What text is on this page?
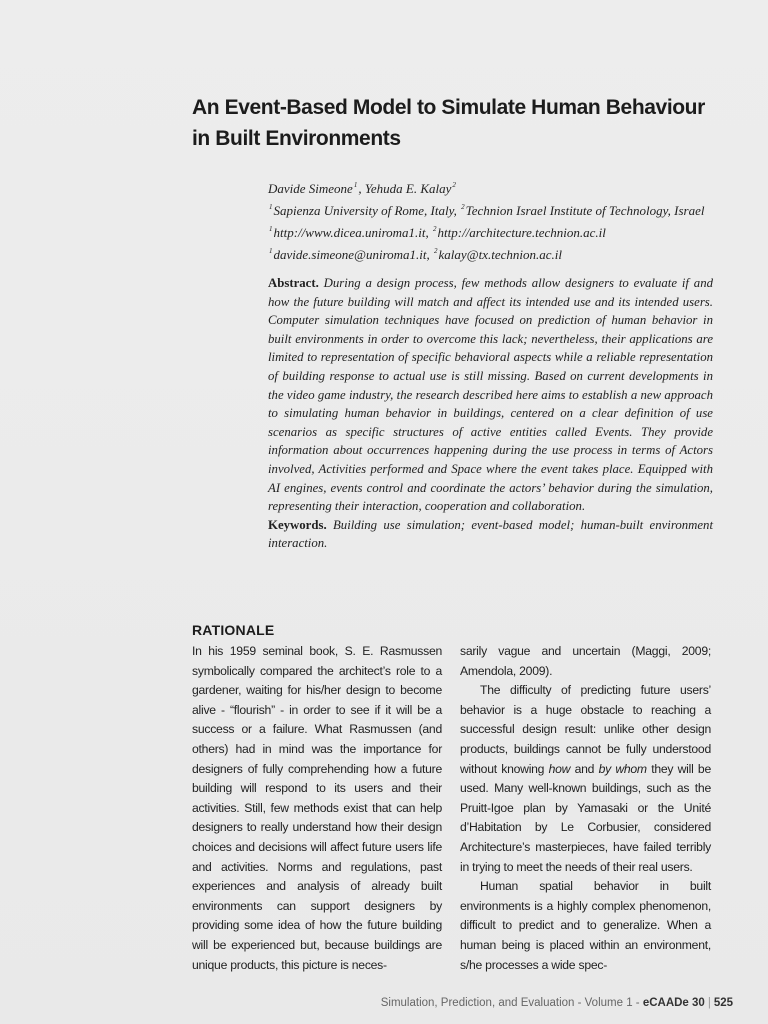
An Event-Based Model to Simulate Human Behaviour in Built Environments
Davide Simeone$^1$, Yehuda E. Kalay$^2$
$^1$Sapienza University of Rome, Italy, $^2$Technion Israel Institute of Technology, Israel
$^1$http://www.dicea.uniroma1.it, $^2$http://architecture.technion.ac.il
$^1$davide.simeone@uniroma1.it, $^2$kalay@tx.technion.ac.il

Abstract. During a design process, few methods allow designers to evaluate if and how the future building will match and affect its intended use and its intended users. Computer simulation techniques have focused on prediction of human behavior in built environments in order to overcome this lack; nevertheless, their applications are limited to representation of specific behavioral aspects while a reliable representation of building response to actual use is still missing. Based on current developments in the video game industry, the research described here aims to establish a new approach to simulating human behavior in buildings, centered on a clear definition of use scenarios as specific structures of active entities called Events. They provide information about occurrences happening during the use process in terms of Actors involved, Activities performed and Space where the event takes place. Equipped with AI engines, events control and coordinate the actors’ behavior during the simulation, representing their interaction, cooperation and collaboration.

Keywords. Building use simulation; event-based model; human-built environment interaction.

RATIONALE

In his 1959 seminal book, S. E. Rasmussen symbolically compared the architect’s role to a gardener, waiting for his/her design to become alive - “flourish” - in order to see if it will be a success or a failure. What Rasmussen (and others) had in mind was the importance for designers of fully comprehending how a future building will respond to its users and their activities. Still, few methods exist that can help designers to really understand how their design choices and decisions will affect future users life and activities. Norms and regulations, past experiences and analysis of already built environments can support designers by providing some idea of how the future building will be experienced but, because buildings are unique products, this picture is neces-

sarily vague and uncertain (Maggi, 2009; Amendola, 2009).

The difficulty of predicting future users’ behavior is a huge obstacle to reaching a successful design result: unlike other design products, buildings cannot be fully understood without knowing how and by whom they will be used. Many well-known buildings, such as the Pruitt-Igoe plan by Yamasaki or the Unité d’Habitation by Le Corbusier, considered Architecture’s masterpieces, have failed terribly in trying to meet the needs of their real users.

Human spatial behavior in built environments is a highly complex phenomenon, difficult to predict and to generalize. When a human being is placed within an environment, s/he processes a wide spec-

Simulation, Prediction, and Evaluation - Volume 1 - eCAADe 30 | 525
